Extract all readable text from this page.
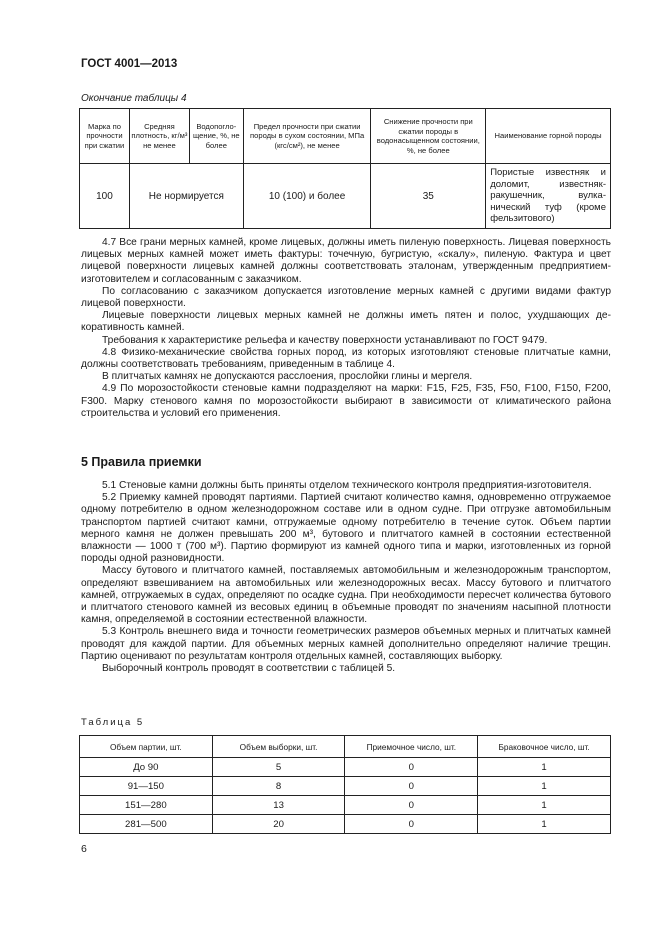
ГОСТ 4001—2013
Окончание таблицы 4
Марка по прочности при сжатии	Средняя плотность, кг/м³ не менее	Водопоглощение, %, не более	Предел прочности при сжатии породы в сухом состоянии, МПа (кгс/см²), не менее	Снижение прочности при сжатии породы в водонасыщенном состоянии, %, не более	Наименование горной породы
100	Не нормируется		10 (100) и более	35	Пористые известняк и доломит, известняк-ракушечник, вулканический туф (кроме фельзитового)

4.7 Все грани мерных камней, кроме лицевых, должны иметь пиленую поверхность. Лицевая поверхность лицевых мерных камней может иметь фактуры: точечную, бугристую, «скалу», пиленую. Фактура и цвет лицевой поверхности лицевых камней должны соответствовать эталонам, утвержденным предприятием-изготовителем и согласованным с заказчиком.

По согласованию с заказчиком допускается изготовление мерных камней с другими видами фактур лицевой поверхности.

Лицевые поверхности лицевых мерных камней не должны иметь пятен и полос, ухудшающих декоративность камней.

Требования к характеристике рельефа и качеству поверхности устанавливают по ГОСТ 9479.

4.8 Физико-механические свойства горных пород, из которых изготовляют стеновые плитчатые камни, должны соответствовать требованиям, приведенным в таблице 4.

В плитчатых камнях не допускаются расслоения, прослойки глины и мергеля.

4.9 По морозостойкости стеновые камни подразделяют на марки: F15, F25, F35, F50, F100, F150, F200, F300. Марку стенового камня по морозостойкости выбирают в зависимости от климатического района строительства и условий его применения.

5 Правила приемки

5.1 Стеновые камни должны быть приняты отделом технического контроля предприятия-изготовителя.

5.2 Приемку камней проводят партиями. Партией считают количество камня, одновременно отгружаемое одному потребителю в одном железнодорожном составе или в одном судне. При отгрузке автомобильным транспортом партией считают камни, отгружаемые одному потребителю в течение суток. Объем партии мерного камня не должен превышать 200 м³, бутового и плитчатого камней в состоянии естественной влажности — 1000 т (700 м³). Партию формируют из камней одного типа и марки, изготовленных из горной породы одной разновидности.

Массу бутового и плитчатого камней, поставляемых автомобильным и железнодорожным транспортом, определяют взвешиванием на автомобильных или железнодорожных весах. Массу бутового и плитчатого камней, отгружаемых в судах, определяют по осадке судна. При необходимости пересчет количества бутового и плитчатого стенового камней из весовых единиц в объемные проводят по значениям насыпной плотности камня, определяемой в состоянии естественной влажности.

5.3 Контроль внешнего вида и точности геометрических размеров объемных мерных и плитчатых камней проводят для каждой партии. Для объемных мерных камней дополнительно определяют наличие трещин. Партию оценивают по результатам контроля отдельных камней, составляющих выборку.

Выборочный контроль проводят в соответствии с таблицей 5.

Таблица 5
Объем партии, шт.	Объем выборки, шт.	Приемочное число, шт.	Браковочное число, шт.
До 90	5	0	1
91—150	8	0	1
151—280	13	0	1
281—500	20	0	1
6
